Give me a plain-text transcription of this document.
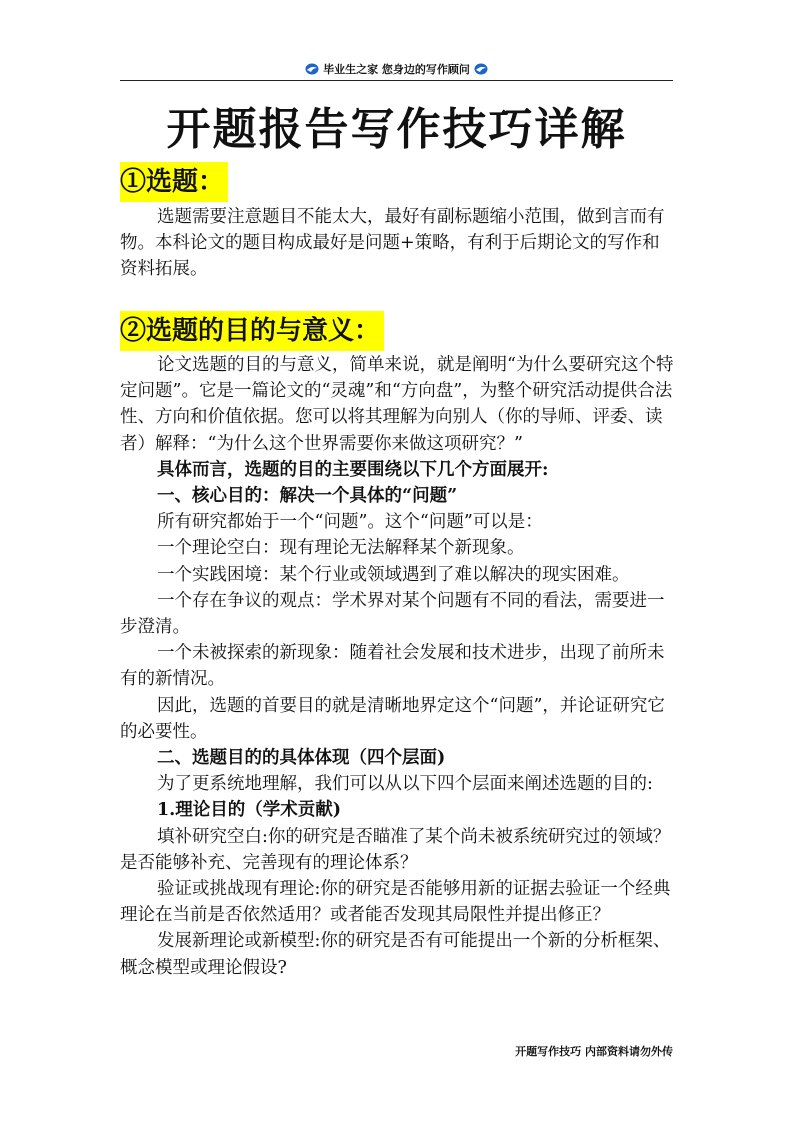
毕业生之家 您身边的写作顾问
开题报告写作技巧详解
①选题：

选题需要注意题目不能太大，最好有副标题缩小范围，做到言而有物。本科论文的题目构成最好是问题+策略，有利于后期论文的写作和资料拓展。

②选题的目的与意义：

论文选题的目的与意义，简单来说，就是阐明“为什么要研究这个特定问题”。它是一篇论文的“灵魂”和“方向盘”，为整个研究活动提供合法性、方向和价值依据。您可以将其理解为向别人（你的导师、评委、读者）解释：“为什么这个世界需要你来做这项研究？”

具体而言，选题的目的主要围绕以下几个方面展开:

一、核心目的：解决一个具体的“问题”

所有研究都始于一个“问题”。这个“问题”可以是：

一个理论空白：现有理论无法解释某个新现象。

一个实践困境：某个行业或领域遇到了难以解决的现实困难。

一个存在争议的观点：学术界对某个问题有不同的看法，需要进一步澄清。

一个未被探索的新现象：随着社会发展和技术进步，出现了前所未有的新情况。

因此，选题的首要目的就是清晰地界定这个“问题”，并论证研究它的必要性。

二、选题目的的具体体现（四个层面)

为了更系统地理解，我们可以从以下四个层面来阐述选题的目的:

1.理论目的（学术贡献)

填补研究空白:你的研究是否瞄准了某个尚未被系统研究过的领域？是否能够补充、完善现有的理论体系？

验证或挑战现有理论:你的研究是否能够用新的证据去验证一个经典理论在当前是否依然适用？或者能否发现其局限性并提出修正？

发展新理论或新模型:你的研究是否有可能提出一个新的分析框架、概念模型或理论假设?

开题写作技巧 内部资料请勿外传
